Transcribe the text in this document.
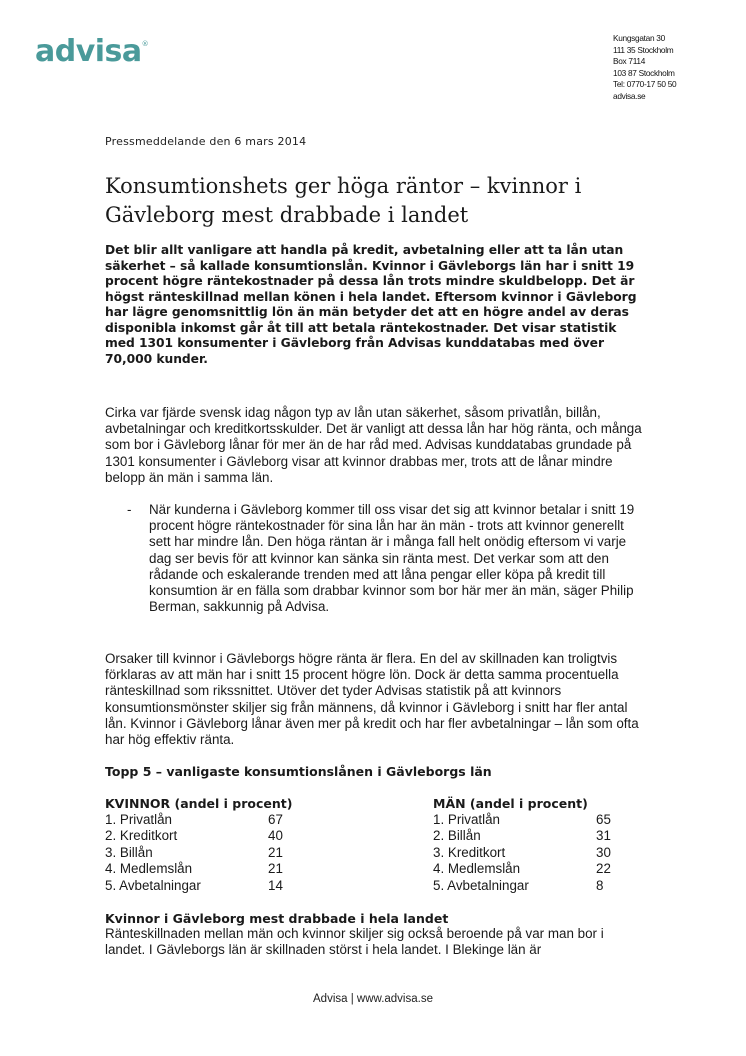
advisa®
Kungsgatan 30
111 35 Stockholm
Box 7114
103 87 Stockholm
Tel: 0770-17 50 50
advisa.se
Pressmeddelande den 6 mars 2014
Konsumtionshets ger höga räntor – kvinnor i Gävleborg mest drabbade i landet
Det blir allt vanligare att handla på kredit, avbetalning eller att ta lån utan säkerhet – så kallade konsumtionslån. Kvinnor i Gävleborgs län har i snitt 19 procent högre räntekostnader på dessa lån trots mindre skuldbelopp. Det är högst ränteskillnad mellan könen i hela landet. Eftersom kvinnor i Gävleborg har lägre genomsnittlig lön än män betyder det att en högre andel av deras disponibla inkomst går åt till att betala räntekostnader. Det visar statistik med 1301 konsumenter i Gävleborg från Advisas kunddatabas med över 70,000 kunder.
Cirka var fjärde svensk idag någon typ av lån utan säkerhet, såsom privatlån, billån, avbetalningar och kreditkortsskulder. Det är vanligt att dessa lån har hög ränta, och många som bor i Gävleborg lånar för mer än de har råd med. Advisas kunddatabas grundade på 1301 konsumenter i Gävleborg visar att kvinnor drabbas mer, trots att de lånar mindre belopp än män i samma län.
- När kunderna i Gävleborg kommer till oss visar det sig att kvinnor betalar i snitt 19 procent högre räntekostnader för sina lån har än män - trots att kvinnor generellt sett har mindre lån. Den höga räntan är i många fall helt onödig eftersom vi varje dag ser bevis för att kvinnor kan sänka sin ränta mest. Det verkar som att den rådande och eskalerande trenden med att låna pengar eller köpa på kredit till konsumtion är en fälla som drabbar kvinnor som bor här mer än män, säger Philip Berman, sakkunnig på Advisa.
Orsaker till kvinnor i Gävleborgs högre ränta är flera. En del av skillnaden kan troligtvis förklaras av att män har i snitt 15 procent högre lön. Dock är detta samma procentuella ränteskillnad som rikssnittet. Utöver det tyder Advisas statistik på att kvinnors konsumtionsmönster skiljer sig från männens, då kvinnor i Gävleborg i snitt har fler antal lån. Kvinnor i Gävleborg lånar även mer på kredit och har fler avbetalningar – lån som ofta har hög effektiv ränta.
Topp 5 – vanligaste konsumtionslånen i Gävleborgs län
KVINNOR (andel i procent)
1. Privatlån	67
2. Kreditkort	40
3. Billån	21
4. Medlemslån	21
5. Avbetalningar	14
MÄN (andel i procent)
1. Privatlån	65
2. Billån	31
3. Kreditkort	30
4. Medlemslån	22
5. Avbetalningar	8
Kvinnor i Gävleborg mest drabbade i hela landet
Ränteskillnaden mellan män och kvinnor skiljer sig också beroende på var man bor i landet. I Gävleborgs län är skillnaden störst i hela landet. I Blekinge län är
Advisa | www.advisa.se
